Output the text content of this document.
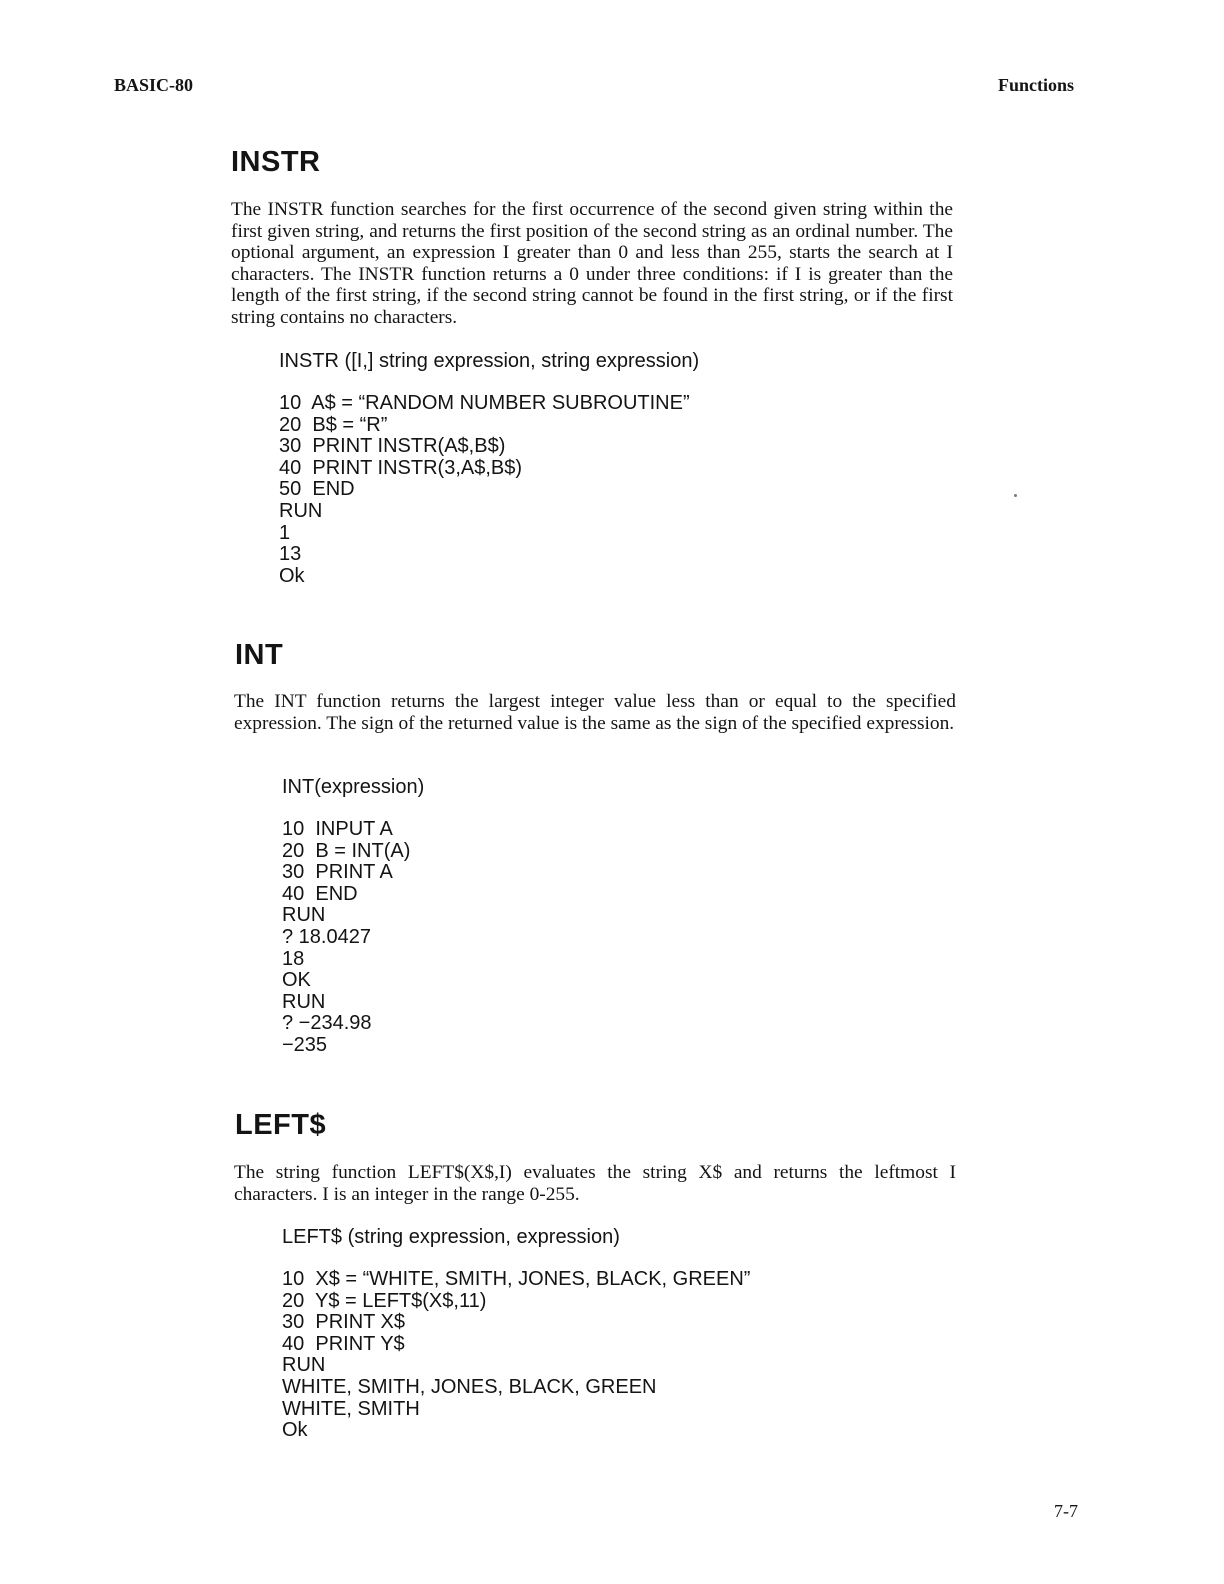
BASIC-80	Functions
INSTR

The INSTR function searches for the first occurrence of the second given string within the first given string, and returns the first position of the second string as an ordinal number. The optional argument, an expression I greater than 0 and less than 255, starts the search at I characters. The INSTR function returns a 0 under three conditions: if I is greater than the length of the first string, if the second string cannot be found in the first string, or if the first string contains no characters.

INSTR ([I,] string expression, string expression)
10  A$ = “RANDOM NUMBER SUBROUTINE”
20  B$ = “R”
30  PRINT INSTR(A$,B$)
40  PRINT INSTR(3,A$,B$)
50  END
RUN
1
13
Ok
INT

The INT function returns the largest integer value less than or equal to the specified expression. The sign of the returned value is the same as the sign of the specified expression.

INT(expression)
10  INPUT A
20  B = INT(A)
30  PRINT A
40  END
RUN
? 18.0427
18
OK
RUN
? −234.98
−235
LEFT$

The string function LEFT$(X$,I) evaluates the string X$ and returns the leftmost I characters. I is an integer in the range 0-255.

LEFT$ (string expression, expression)
10  X$ = “WHITE, SMITH, JONES, BLACK, GREEN”
20  Y$ = LEFT$(X$,11)
30  PRINT X$
40  PRINT Y$
RUN
WHITE, SMITH, JONES, BLACK, GREEN
WHITE, SMITH
Ok
7-7
